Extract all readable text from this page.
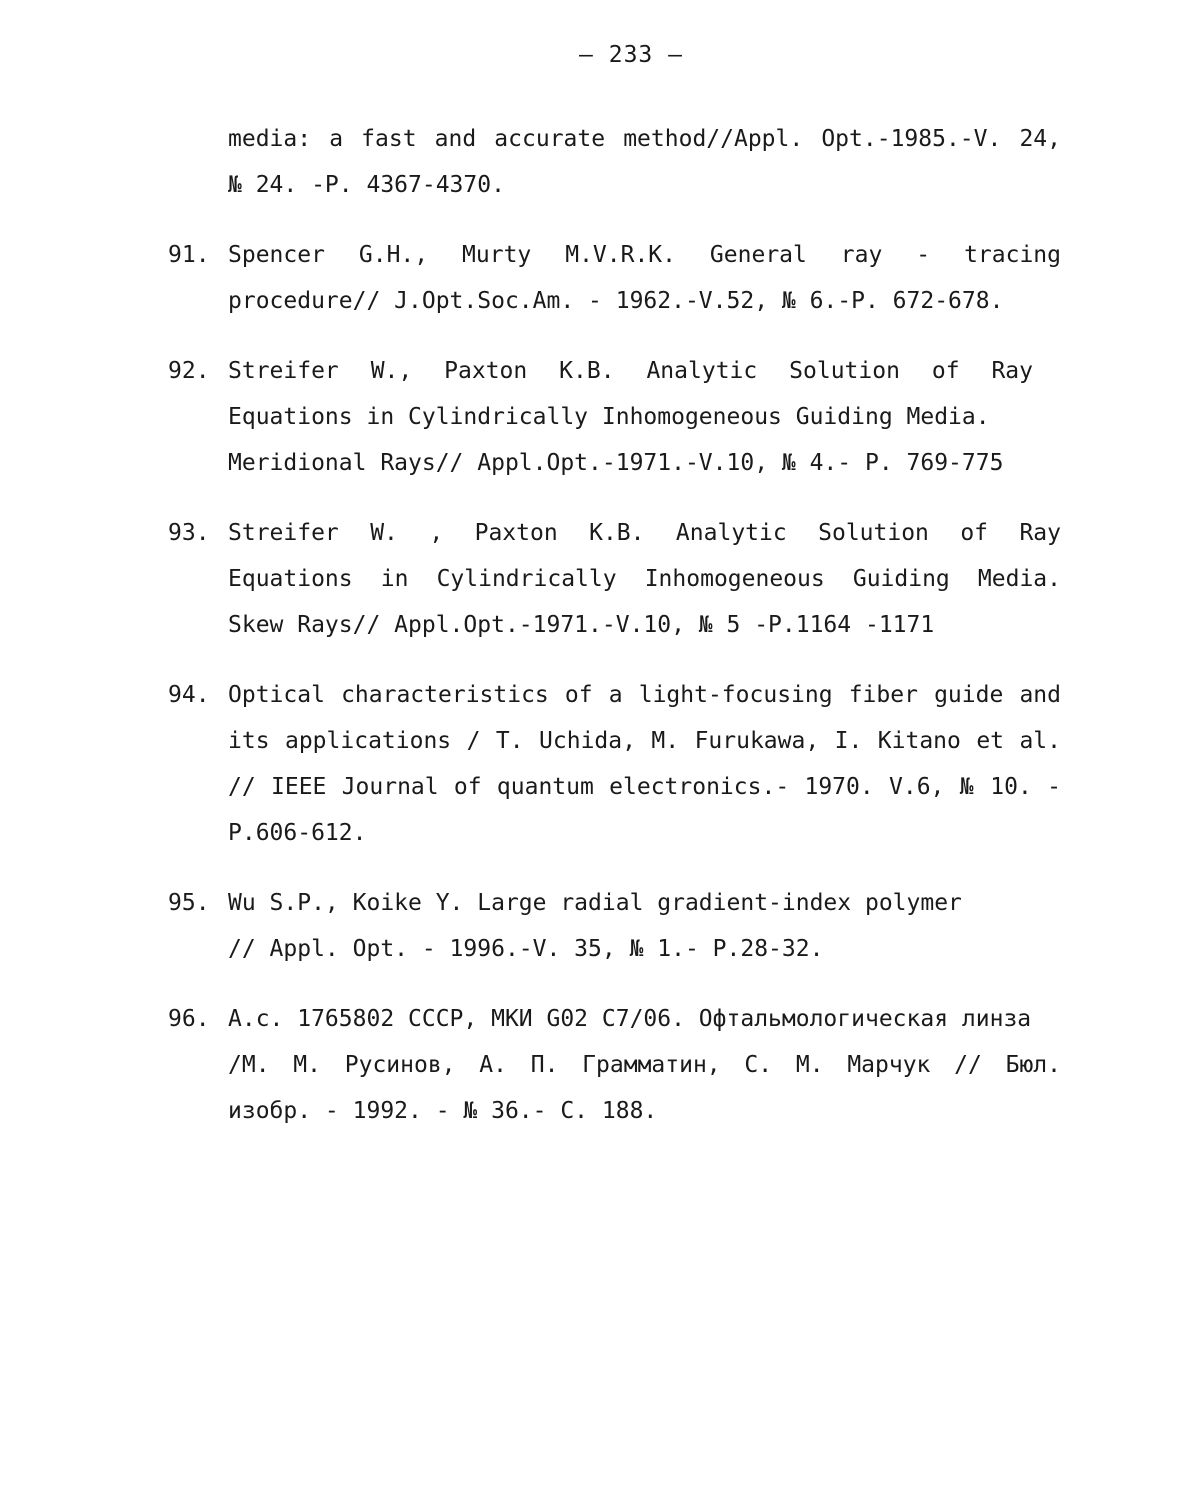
– 233 –
media: a fast and accurate method//Appl. Opt.-1985.-V. 24,
№ 24. -P. 4367-4370.
91. Spencer G.H., Murty M.V.R.K. General ray - tracing
procedure// J.Opt.Soc.Am. - 1962.-V.52, № 6.-P. 672-678.
92. Streifer W., Paxton K.B. Analytic Solution of Ray
Equations in Cylindrically Inhomogeneous Guiding Media.
Meridional Rays// Appl.Opt.-1971.-V.10, № 4.- P. 769-775
93. Streifer W. , Paxton K.B. Analytic Solution of Ray
Equations in Cylindrically Inhomogeneous Guiding Media.
Skew Rays// Appl.Opt.-1971.-V.10, № 5 -P.1164 -1171
94. Optical characteristics of a light-focusing fiber guide and
its applications / T. Uchida, M. Furukawa, I. Kitano et al.
// IEEE Journal of quantum electronics.- 1970. V.6, № 10. -
P.606-612.
95. Wu S.P., Koike Y. Large radial gradient-index polymer
// Appl. Opt. - 1996.-V. 35, № 1.- P.28-32.
96. A.c. 1765802 СССР, МКИ G02 C7/06. Офтальмологическая линза
/М. М. Русинов, А. П. Грамматин, С. М. Марчук // Бюл.
изобр. - 1992. - № 36.- С. 188.
